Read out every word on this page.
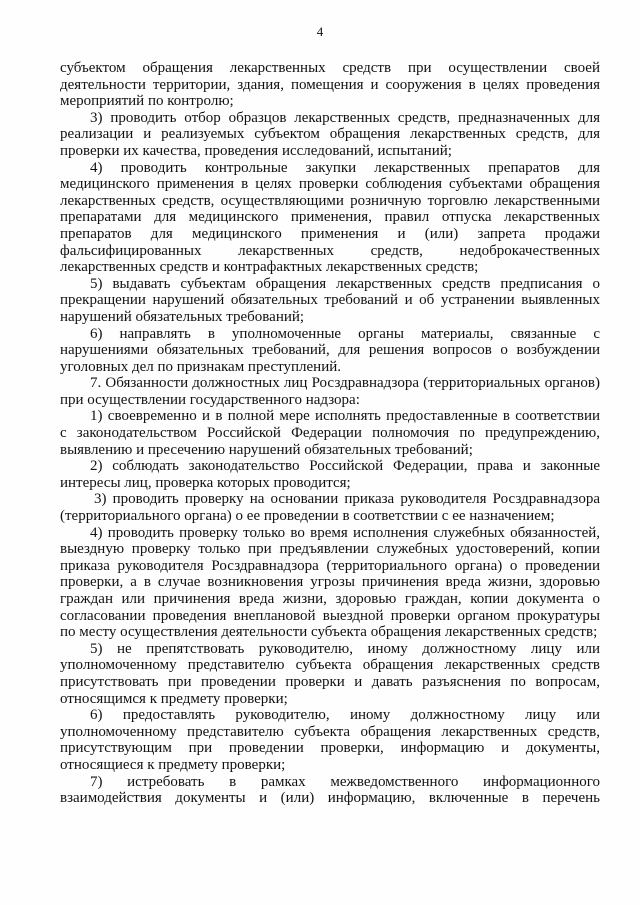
4
субъектом обращения лекарственных средств при осуществлении своей
деятельности территории, здания, помещения и сооружения в целях проведения
мероприятий по контролю;
3) проводить отбор образцов лекарственных средств, предназначенных для
реализации и реализуемых субъектом обращения лекарственных средств, для
проверки их качества, проведения исследований, испытаний;
4) проводить контрольные закупки лекарственных препаратов для
медицинского применения в целях проверки соблюдения субъектами обращения
лекарственных средств, осуществляющими розничную торговлю лекарственными
препаратами для медицинского применения, правил отпуска лекарственных
препаратов для медицинского применения и (или) запрета продажи
фальсифицированных лекарственных средств, недоброкачественных
лекарственных средств и контрафактных лекарственных средств;
5) выдавать субъектам обращения лекарственных средств предписания о
прекращении нарушений обязательных требований и об устранении выявленных
нарушений обязательных требований;
6) направлять в уполномоченные органы материалы, связанные с
нарушениями обязательных требований, для решения вопросов о возбуждении
уголовных дел по признакам преступлений.
7. Обязанности должностных лиц Росздравнадзора (территориальных органов)
при осуществлении государственного надзора:
1) своевременно и в полной мере исполнять предоставленные в соответствии
с законодательством Российской Федерации полномочия по предупреждению,
выявлению и пресечению нарушений обязательных требований;
2) соблюдать законодательство Российской Федерации, права и законные
интересы лиц, проверка которых проводится;
3) проводить проверку на основании приказа руководителя Росздравнадзора
(территориального органа) о ее проведении в соответствии с ее назначением;
4) проводить проверку только во время исполнения служебных обязанностей,
выездную проверку только при предъявлении служебных удостоверений, копии
приказа руководителя Росздравнадзора (территориального органа) о проведении
проверки, а в случае возникновения угрозы причинения вреда жизни, здоровью
граждан или причинения вреда жизни, здоровью граждан, копии документа о
согласовании проведения внеплановой выездной проверки органом прокуратуры
по месту осуществления деятельности субъекта обращения лекарственных средств;
5) не препятствовать руководителю, иному должностному лицу или
уполномоченному представителю субъекта обращения лекарственных средств
присутствовать при проведении проверки и давать разъяснения по вопросам,
относящимся к предмету проверки;
6) предоставлять руководителю, иному должностному лицу или
уполномоченному представителю субъекта обращения лекарственных средств,
присутствующим при проведении проверки, информацию и документы,
относящиеся к предмету проверки;
7) истребовать в рамках межведомственного информационного
взаимодействия документы и (или) информацию, включенные в перечень
